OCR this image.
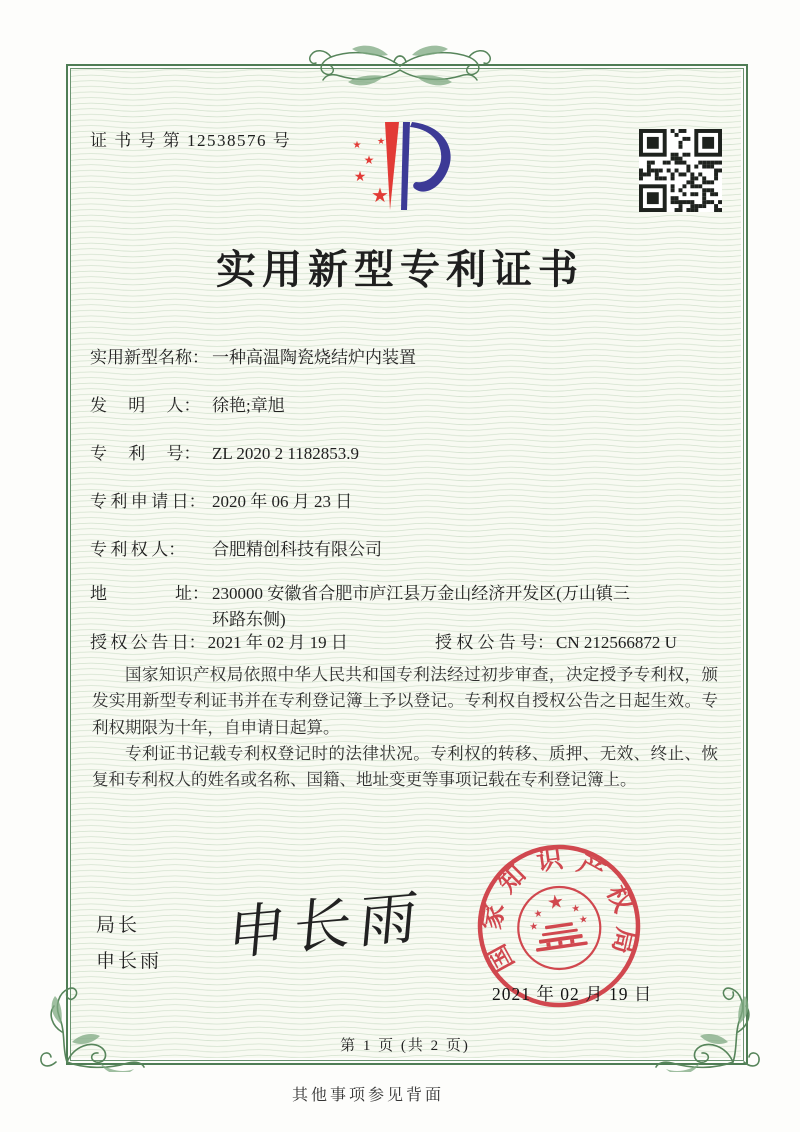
证 书 号 第 12538576 号
★
★
★
★ ★
实用新型专利证书
实用新型名称： 一种高温陶瓷烧结炉内装置
发　 明　 人： 徐艳;章旭
专　 利　 号： ZL 2020 2 1182853.9
专 利 申 请 日： 2020 年 06 月 23 日
专 利 权 人： 合肥精创科技有限公司
地　　　　址： 230000 安徽省合肥市庐江县万金山经济开发区(万山镇三环路东侧)
授 权 公 告 日： 2021 年 02 月 19 日	授 权 公 告 号： CN 212566872 U

国家知识产权局依照中华人民共和国专利法经过初步审查，决定授予专利权，颁发实用新型专利证书并在专利登记簿上予以登记。专利权自授权公告之日起生效。专利权期限为十年，自申请日起算。

专利证书记载专利权登记时的法律状况。专利权的转移、质押、无效、终止、恢复和专利权人的姓名或名称、国籍、地址变更等事项记载在专利登记簿上。

局长
申长雨 申长雨	国家知识产权局
★
★	★
★
★
2021 年 02 月 19 日
第 1 页 (共 2 页)
其他事项参见背面
